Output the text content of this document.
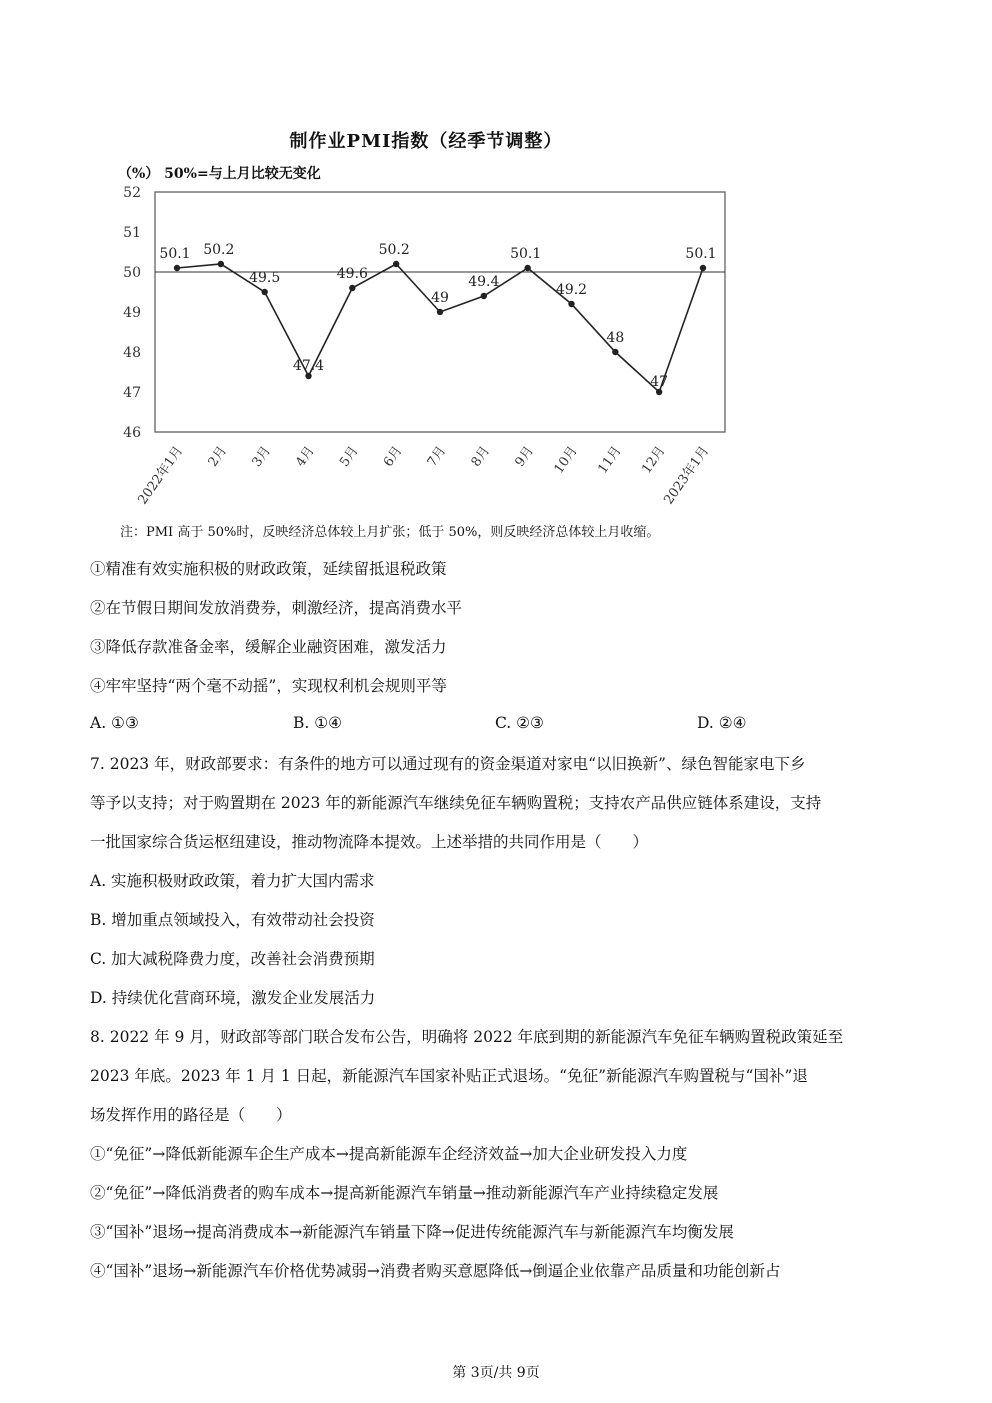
制作业PMI指数（经季节调整）
（%） 50%=与上月比较无变化
46
47
48
49
50
51
52
50.1 50.2
49.5
47.4
49.6
50.2
49
49.4
50.1
49.2
48
47
50.1
2022年1月 2月 3月 4月 5月 6月 7月 8月 9月 10月 11月 12月
2023年1月
注：PMI 高于 50%时，反映经济总体较上月扩张；低于 50%，则反映经济总体较上月收缩。
①精准有效实施积极的财政政策，延续留抵退税政策
②在节假日期间发放消费券，刺激经济，提高消费水平
③降低存款准备金率，缓解企业融资困难，激发活力
④牢牢坚持“两个毫不动摇”，实现权利机会规则平等
A. ①③	B. ①④	C. ②③	D. ②④
7. 2023 年，财政部要求：有条件的地方可以通过现有的资金渠道对家电“以旧换新”、绿色智能家电下乡
等予以支持；对于购置期在 2023 年的新能源汽车继续免征车辆购置税；支持农产品供应链体系建设，支持
一批国家综合货运枢纽建设，推动物流降本提效。上述举措的共同作用是（　　）
A. 实施积极财政政策，着力扩大国内需求
B. 增加重点领域投入，有效带动社会投资
C. 加大减税降费力度，改善社会消费预期
D. 持续优化营商环境，激发企业发展活力
8. 2022 年 9 月，财政部等部门联合发布公告，明确将 2022 年底到期的新能源汽车免征车辆购置税政策延至
2023 年底。2023 年 1 月 1 日起，新能源汽车国家补贴正式退场。“免征”新能源汽车购置税与“国补”退
场发挥作用的路径是（　　）
①“免征”→降低新能源车企生产成本→提高新能源车企经济效益→加大企业研发投入力度
②“免征”→降低消费者的购车成本→提高新能源汽车销量→推动新能源汽车产业持续稳定发展
③“国补”退场→提高消费成本→新能源汽车销量下降→促进传统能源汽车与新能源汽车均衡发展
④“国补”退场→新能源汽车价格优势减弱→消费者购买意愿降低→倒逼企业依靠产品质量和功能创新占
第 3页/共 9页
